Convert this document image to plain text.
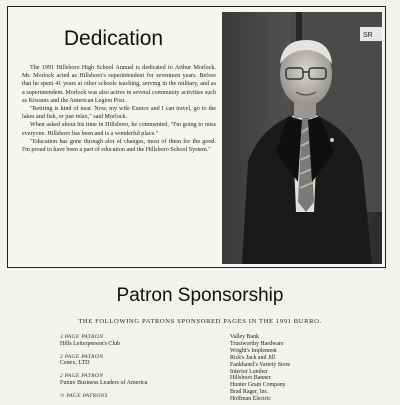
Dedication

The 1991 Hillsboro High School Annual is dedicated to Arthur Morlock. Mr. Morlock acted as Hillsboro's superintendent for seventeen years. Before that he spent 41 years at other schools teaching, serving in the military, and as a superintendent. Morlock was also active in several community activities such as Kiwanis and the American Legion Post.

"Retiring is kind of neat. Now, my wife Eunice and I can travel, go to the lakes and fish, or just relax," said Morlock.

When asked about his time in Hillsboro, he commented, "I'm going to miss everyone. Hillsboro has been and is a wonderful place."

"Education has gone through alot of changes, most of them for the good. I'm proud to have been a part of education and the Hillsboro School System."

SR
Patron Sponsorship
THE FOLLOWING PATRONS SPONSORED PAGES IN THE 1991 BURRO.
3 PAGE PATRON
Hills Leiterperson's Club
2 PAGE PATRON
Cenex, LTD
2 PAGE PATRON
Future Business Leaders of America
½ PAGE PATRONS
Valley Bank
Trustworthy Hardware
Wright's Implement
Rick's Jack and Jill
Fankhanel's Variety Store
Interior Lumber
Hillsboro Banner
Hunter Grain Company
Brad Rager, Inc.
Hoffman Electric
